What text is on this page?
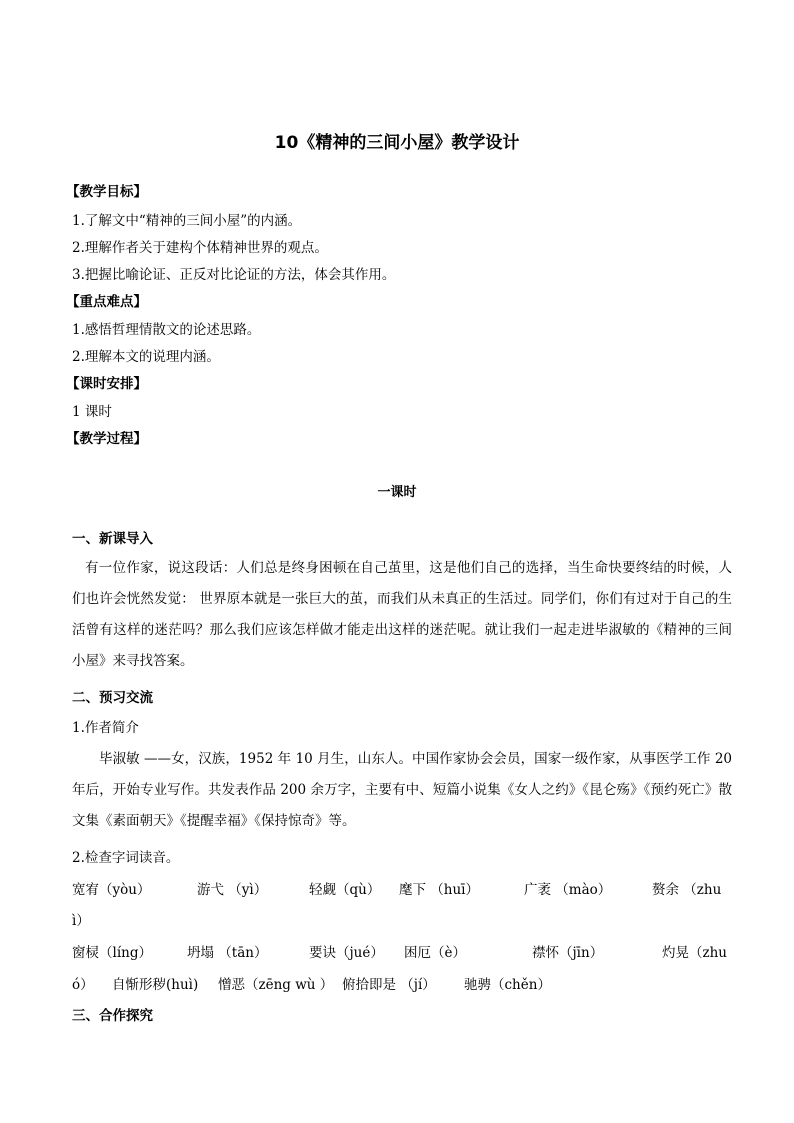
10《精神的三间小屋》教学设计
【教学目标】
1.了解文中“精神的三间小屋”的内涵。
2.理解作者关于建构个体精神世界的观点。
3.把握比喻论证、正反对比论证的方法，体会其作用。
【重点难点】
1.感悟哲理情散文的论述思路。
2.理解本文的说理内涵。
【课时安排】
1 课时
【教学过程】
一课时
一、新课导入
有一位作家，说这段话：人们总是终身困顿在自己茧里，这是他们自己的选择，当生命快要终结的时候，人们也许会恍然发觉： 世界原本就是一张巨大的茧，而我们从未真正的生活过。同学们，你们有过对于自己的生活曾有这样的迷茫吗？那么我们应该怎样做才能走出这样的迷茫呢。就让我们一起走进毕淑敏的《精神的三间小屋》来寻找答案。
二、预习交流
1.作者简介
毕淑敏 ——女，汉族，1952 年 10 月生，山东人。中国作家协会会员，国家一级作家，从事医学工作 20 年后，开始专业写作。共发表作品 200 余万字，主要有中、短篇小说集《女人之约》《昆仑殇》《预约死亡》散文集《素面朝天》《提醒幸福》《保持惊奇》等。
2.检查字词读音。
宽宥（yòu）	游弋 （yì）	轻觑（qù） 麾下 （huī）	广袤 （mào）	赘余 （zhu
ì）
窗棂（líng）	坍塌 （tān）	要诀（jué） 困厄（è）	襟怀（jīn）	灼晃（zhu
ó） 自惭形秽(huì) 憎恶（zēng wù ） 俯拾即是 （jí） 驰骋（chěn）
三、合作探究
